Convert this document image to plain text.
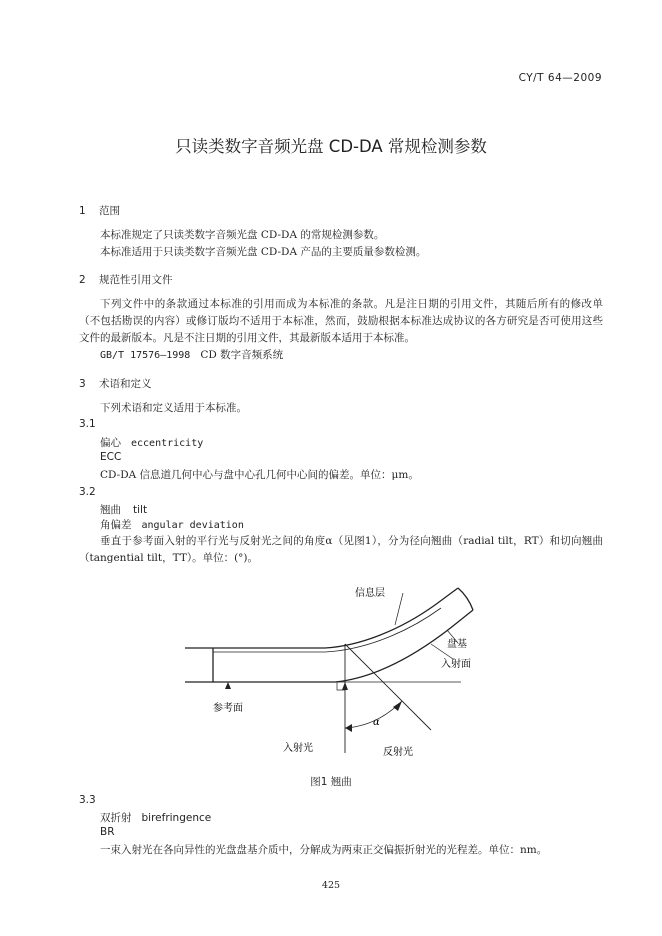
CY/T 64—2009
只读类数字音频光盘 CD-DA 常规检测参数
1 范围
本标准规定了只读类数字音频光盘 CD-DA 的常规检测参数。
本标准适用于只读类数字音频光盘 CD-DA 产品的主要质量参数检测。
2 规范性引用文件
下列文件中的条款通过本标准的引用而成为本标准的条款。凡是注日期的引用文件，其随后所有的修改单（不包括勘误的内容）或修订版均不适用于本标准，然而，鼓励根据本标准达成协议的各方研究是否可使用这些文件的最新版本。凡是不注日期的引用文件，其最新版本适用于本标准。
GB/T 17576—1998 CD 数字音频系统
3 术语和定义
下列术语和定义适用于本标准。
3.1
偏心 eccentricity
ECC
CD-DA 信息道几何中心与盘中心孔几何中心间的偏差。单位：μm。
3.2
翘曲 tilt
角偏差 angular deviation
垂直于参考面入射的平行光与反射光之间的角度α（见图1），分为径向翘曲（radial tilt，RT）和切向翘曲（tangential tilt，TT）。单位：(°)。
信息层
盘基
入射面
参考面
α
入射光	反射光
图1 翘曲
3.3
双折射 birefringence
BR
一束入射光在各向异性的光盘盘基介质中，分解成为两束正交偏振折射光的光程差。单位：nm。
425
